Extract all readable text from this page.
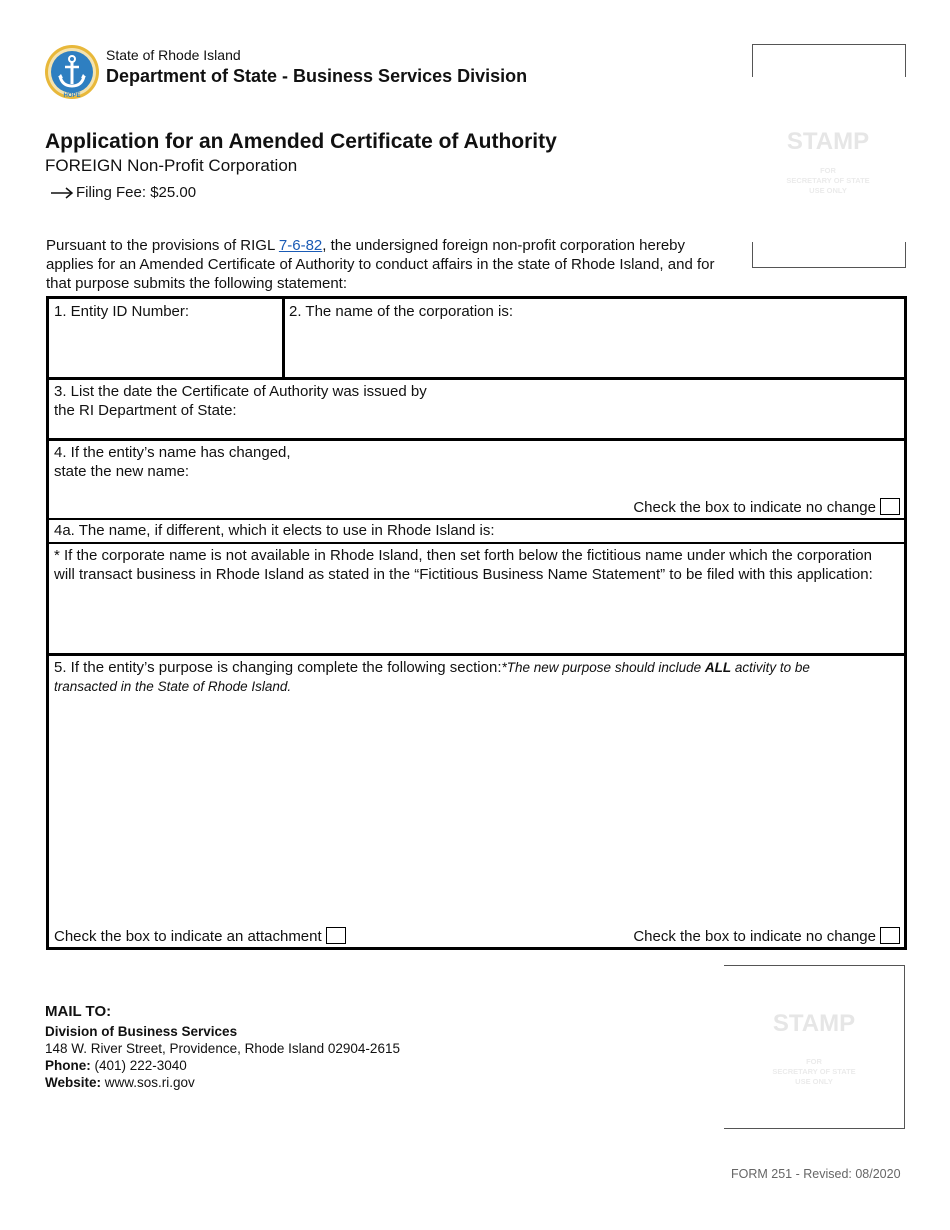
HOPE
State of Rhode Island
Department of State - Business Services Division
Application for an Amended Certificate of Authority
FOREIGN Non-Profit Corporation
Filing Fee: $25.00
STAMP
FOR
SECRETARY OF STATE
USE ONLY
Pursuant to the provisions of RIGL 7-6-82, the undersigned foreign non-profit corporation hereby applies for an Amended Certificate of Authority to conduct affairs in the state of Rhode Island, and for that purpose submits the following statement:
1. Entity ID Number:	2. The name of the corporation is:
3. List the date the Certificate of Authority was issued by
the RI Department of State:
4. If the entity’s name has changed,
state the new name:
Check the box to indicate no change
4a. The name, if different, which it elects to use in Rhode Island is:
* If the corporate name is not available in Rhode Island, then set forth below the fictitious name under which the corporation will transact business in Rhode Island as stated in the “Fictitious Business Name Statement” to be filed with this application:
5. If the entity’s purpose is changing complete the following section:*The new purpose should include ALL activity to be
transacted in the State of Rhode Island.
Check the box to indicate an attachment	Check the box to indicate no change
MAIL TO:
Division of Business Services
148 W. River Street, Providence, Rhode Island 02904-2615
Phone: (401) 222-3040
Website: www.sos.ri.gov
STAMP
FOR
SECRETARY OF STATE
USE ONLY
FORM 251 - Revised: 08/2020
